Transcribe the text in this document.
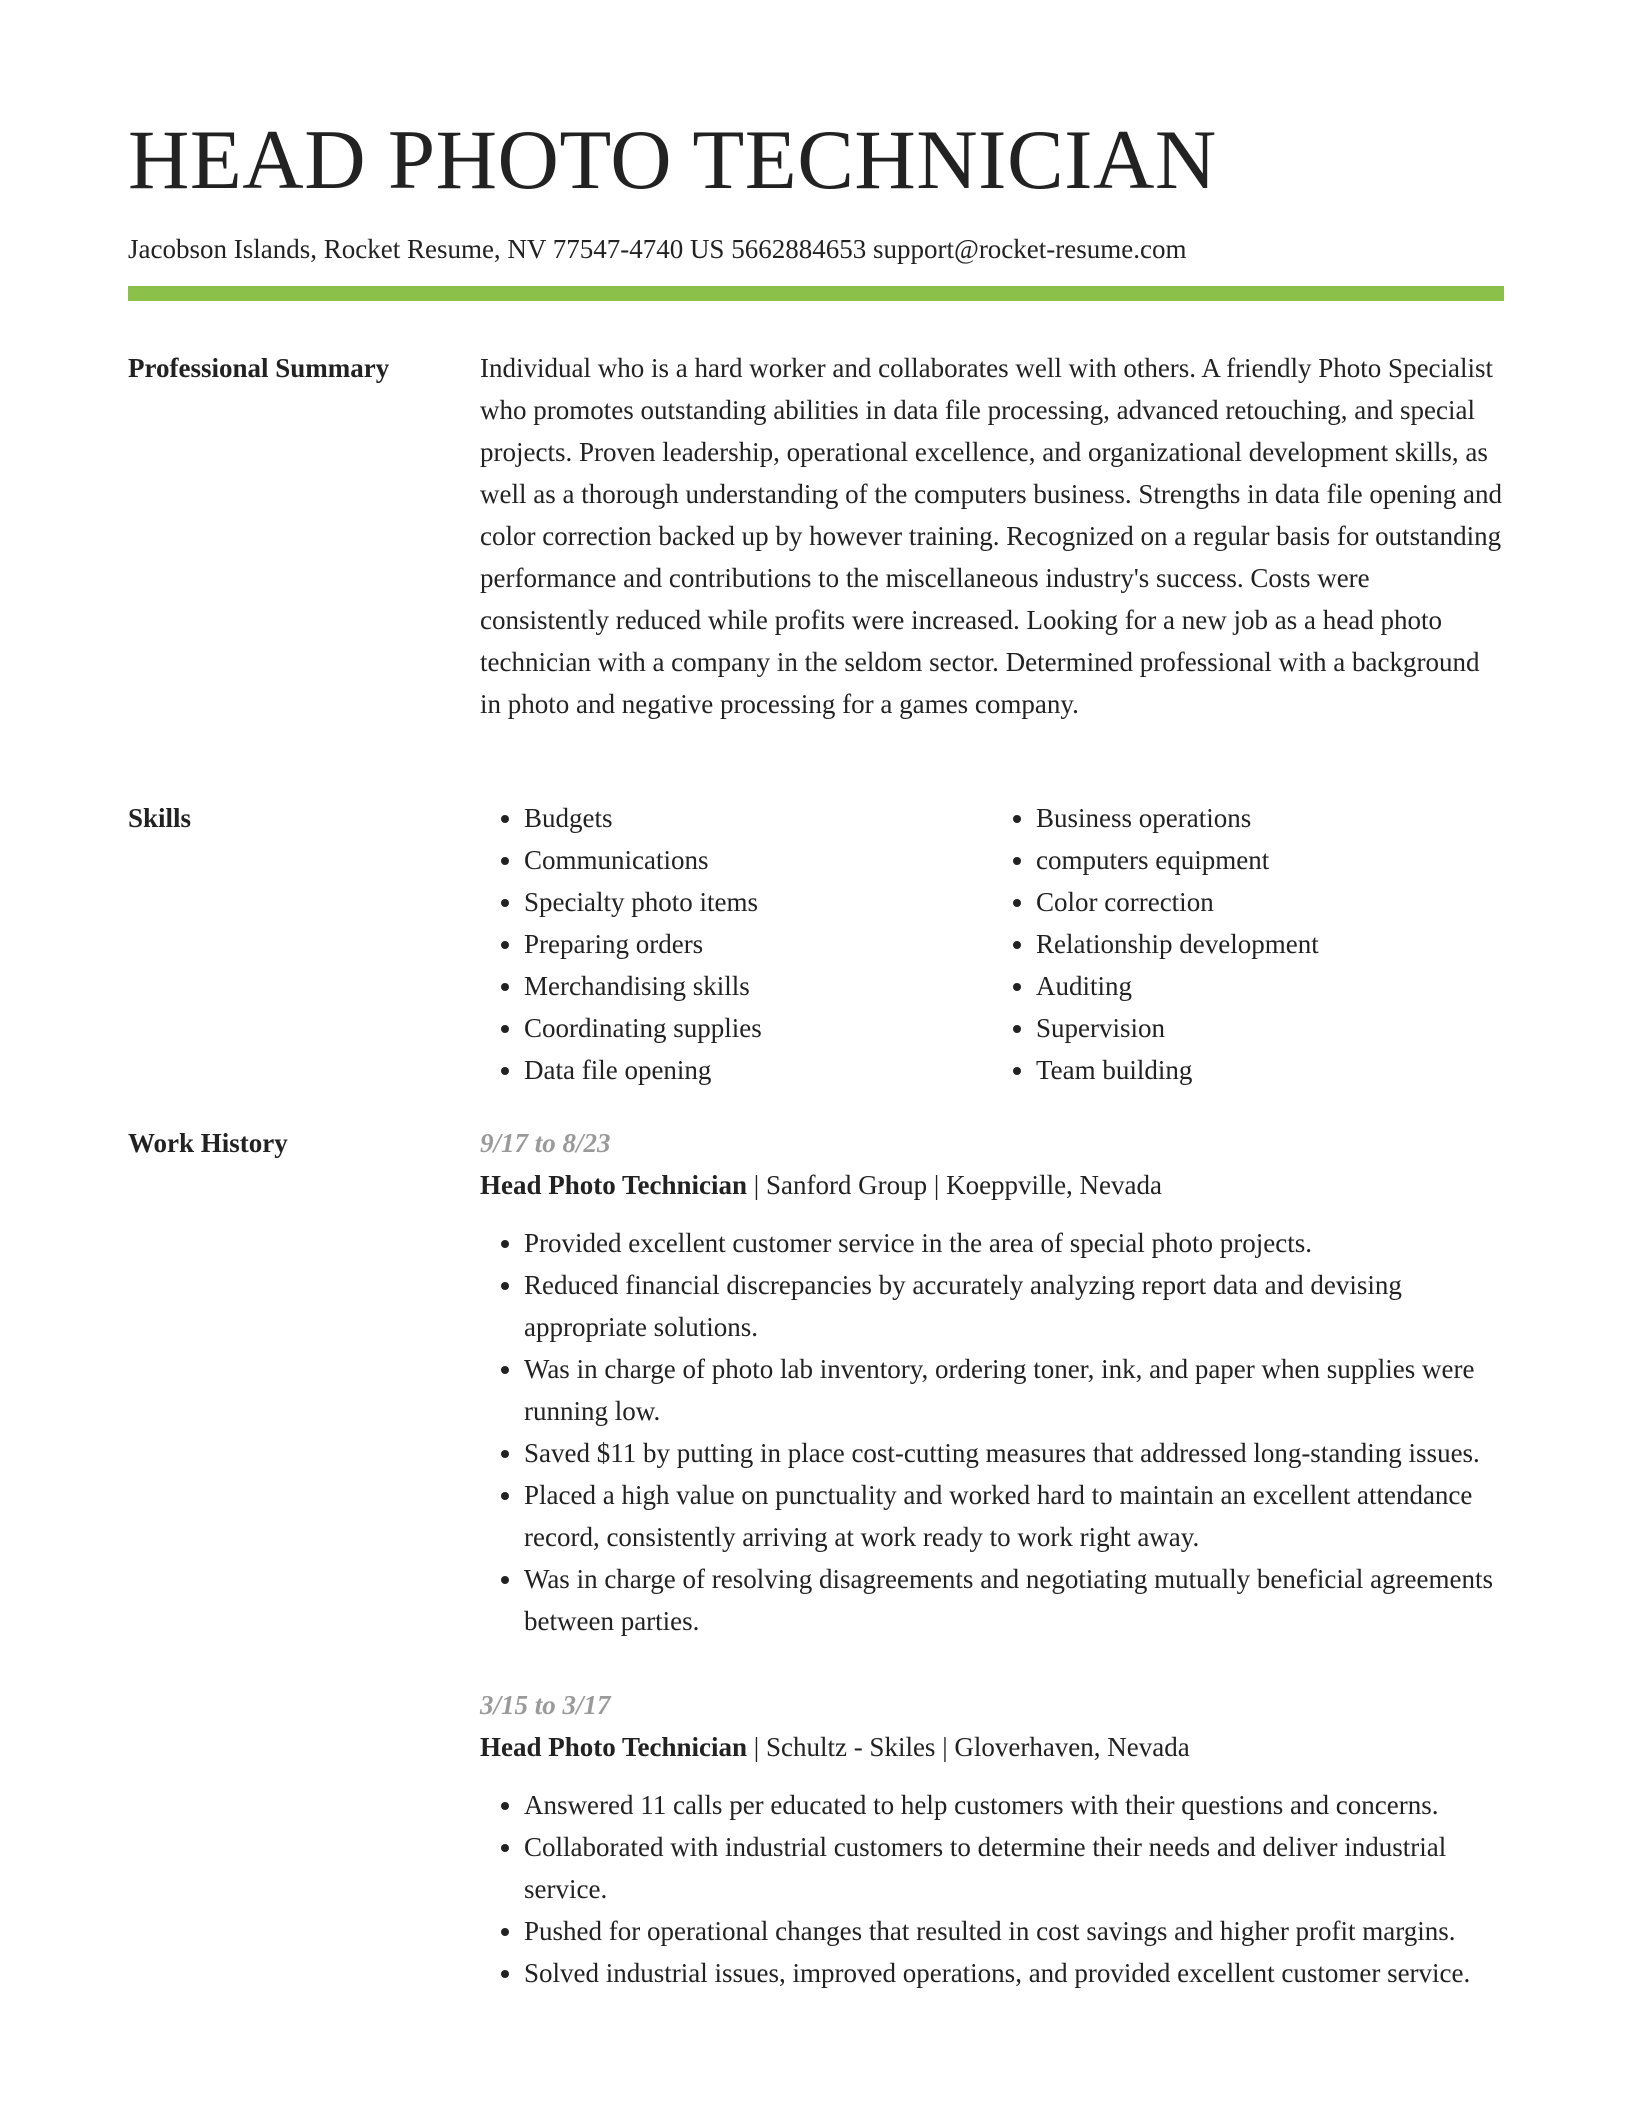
HEAD PHOTO TECHNICIAN
Jacobson Islands, Rocket Resume, NV 77547-4740 US 5662884653 support@rocket-resume.com
Professional Summary	Individual who is a hard worker and collaborates well with others. A friendly Photo Specialist who promotes outstanding abilities in data file processing, advanced retouching, and special projects. Proven leadership, operational excellence, and organizational development skills, as well as a thorough understanding of the computers business. Strengths in data file opening and color correction backed up by however training. Recognized on a regular basis for outstanding performance and contributions to the miscellaneous industry's success. Costs were consistently reduced while profits were increased. Looking for a new job as a head photo technician with a company in the seldom sector. Determined professional with a background in photo and negative processing for a games company.

Skills
•	Budgets
• Communications
• Specialty photo items
• Preparing orders
• Merchandising skills
• Coordinating supplies
• Data file opening
• Business operations
• computers equipment
• Color correction
• Relationship development
• Auditing
• Supervision
• Team building
Work History	9/17 to 8/23
Head Photo Technician | Sanford Group | Koeppville, Nevada
• Provided excellent customer service in the area of special photo projects.
• Reduced financial discrepancies by accurately analyzing report data and devising appropriate solutions.
• Was in charge of photo lab inventory, ordering toner, ink, and paper when supplies were running low.
• Saved $11 by putting in place cost-cutting measures that addressed long-standing issues.
• Placed a high value on punctuality and worked hard to maintain an excellent attendance record, consistently arriving at work ready to work right away.
• Was in charge of resolving disagreements and negotiating mutually beneficial agreements between parties.
3/15 to 3/17
Head Photo Technician | Schultz - Skiles | Gloverhaven, Nevada
• Answered 11 calls per educated to help customers with their questions and concerns.
• Collaborated with industrial customers to determine their needs and deliver industrial service.
• Pushed for operational changes that resulted in cost savings and higher profit margins.
• Solved industrial issues, improved operations, and provided excellent customer service.
